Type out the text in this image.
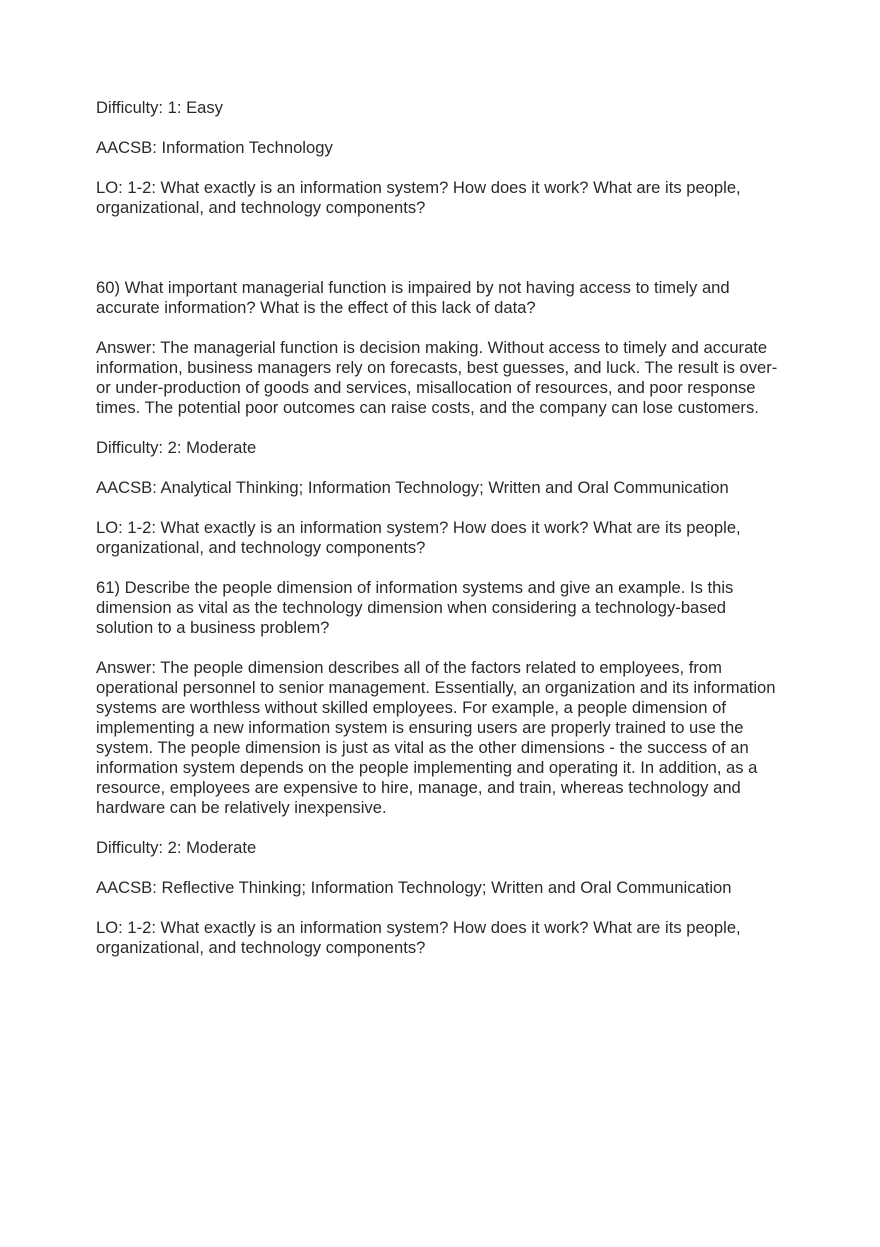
Difficulty: 1: Easy

AACSB: Information Technology

LO: 1-2: What exactly is an information system? How does it work? What are its people, organizational, and technology components?

60) What important managerial function is impaired by not having access to timely and accurate information? What is the effect of this lack of data?

Answer: The managerial function is decision making. Without access to timely and accurate information, business managers rely on forecasts, best guesses, and luck. The result is over- or under-production of goods and services, misallocation of resources, and poor response times. The potential poor outcomes can raise costs, and the company can lose customers.

Difficulty: 2: Moderate

AACSB: Analytical Thinking; Information Technology; Written and Oral Communication

LO: 1-2: What exactly is an information system? How does it work? What are its people, organizational, and technology components?

61) Describe the people dimension of information systems and give an example. Is this dimension as vital as the technology dimension when considering a technology-based solution to a business problem?

Answer: The people dimension describes all of the factors related to employees, from operational personnel to senior management. Essentially, an organization and its information systems are worthless without skilled employees. For example, a people dimension of implementing a new information system is ensuring users are properly trained to use the system. The people dimension is just as vital as the other dimensions - the success of an information system depends on the people implementing and operating it. In addition, as a resource, employees are expensive to hire, manage, and train, whereas technology and hardware can be relatively inexpensive.

Difficulty: 2: Moderate

AACSB: Reflective Thinking; Information Technology; Written and Oral Communication

LO: 1-2: What exactly is an information system? How does it work? What are its people, organizational, and technology components?
